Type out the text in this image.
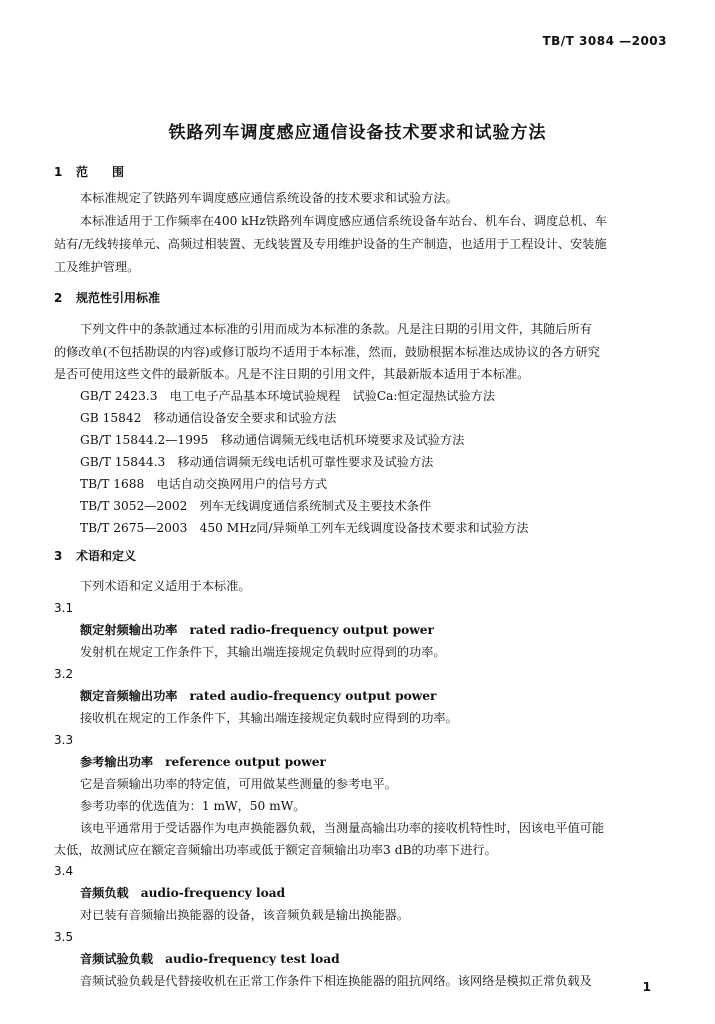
TB/T 3084 —2003
铁路列车调度感应通信设备技术要求和试验方法
1 范　　围
本标准规定了铁路列车调度感应通信系统设备的技术要求和试验方法。
本标准适用于工作频率在400 kHz铁路列车调度感应通信系统设备车站台、机车台、调度总机、车
站有/无线转接单元、高频过相装置、无线装置及专用维护设备的生产制造，也适用于工程设计、安装施
工及维护管理。
2 规范性引用标准
下列文件中的条款通过本标准的引用而成为本标准的条款。凡是注日期的引用文件，其随后所有
的修改单(不包括勘误的内容)或修订版均不适用于本标准，然而，鼓励根据本标准达成协议的各方研究
是否可使用这些文件的最新版本。凡是不注日期的引用文件，其最新版本适用于本标准。
GB/T 2423.3　电工电子产品基本环境试验规程　试验Ca:恒定湿热试验方法
GB 15842　移动通信设备安全要求和试验方法
GB/T 15844.2—1995　移动通信调频无线电话机环境要求及试验方法
GB/T 15844.3　移动通信调频无线电话机可靠性要求及试验方法
TB/T 1688　电话自动交换网用户的信号方式
TB/T 3052—2002　列车无线调度通信系统制式及主要技术条件
TB/T 2675—2003　450 MHz同/异频单工列车无线调度设备技术要求和试验方法
3 术语和定义
下列术语和定义适用于本标准。
3.1
额定射频输出功率 rated radio-frequency output power
发射机在规定工作条件下，其输出端连接规定负载时应得到的功率。
3.2
额定音频输出功率 rated audio-frequency output power
接收机在规定的工作条件下，其输出端连接规定负载时应得到的功率。
3.3
参考输出功率 reference output power
它是音频输出功率的特定值，可用做某些测量的参考电平。
参考功率的优选值为：1 mW，50 mW。
该电平通常用于受话器作为电声换能器负载，当测量高输出功率的接收机特性时，因该电平值可能
太低，故测试应在额定音频输出功率或低于额定音频输出功率3 dB的功率下进行。
3.4
音频负载 audio-frequency load
对已装有音频输出换能器的设备，该音频负载是输出换能器。
3.5
音频试验负载 audio-frequency test load
音频试验负载是代替接收机在正常工作条件下相连换能器的阻抗网络。该网络是模拟正常负载及	1
